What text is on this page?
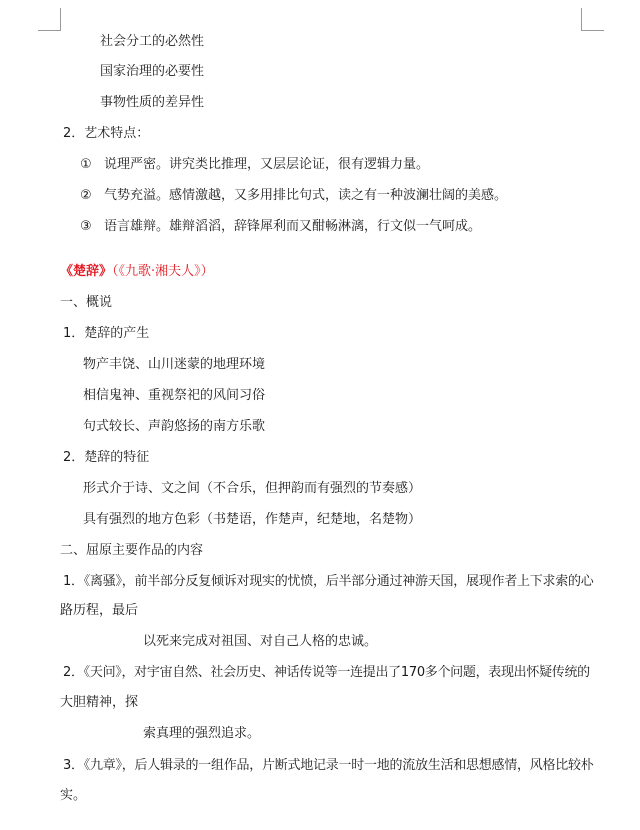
社会分工的必然性
国家治理的必要性
事物性质的差异性
2．艺术特点：
① 说理严密。讲究类比推理，又层层论证，很有逻辑力量。
② 气势充溢。感情激越，又多用排比句式，读之有一种波澜壮阔的美感。
③ 语言雄辩。雄辩滔滔，辞锋犀利而又酣畅淋漓，行文似一气呵成。
《楚辞》（《九歌·湘夫人》）
一、概说
1．楚辞的产生
物产丰饶、山川迷蒙的地理环境
相信鬼神、重视祭祀的风间习俗
句式较长、声韵悠扬的南方乐歌
2．楚辞的特征
形式介于诗、文之间（不合乐，但押韵而有强烈的节奏感）
具有强烈的地方色彩（书楚语，作楚声，纪楚地，名楚物）
二、屈原主要作品的内容
1．《离骚》，前半部分反复倾诉对现实的忧愤，后半部分通过神游天国，展现作者上下求索的心
路历程，最后
以死来完成对祖国、对自己人格的忠诚。
2．《天问》，对宇宙自然、社会历史、神话传说等一连提出了170多个问题，表现出怀疑传统的
大胆精神，探
索真理的强烈追求。
3．《九章》，后人辑录的一组作品，片断式地记录一时一地的流放生活和思想感情，风格比较朴
实。
